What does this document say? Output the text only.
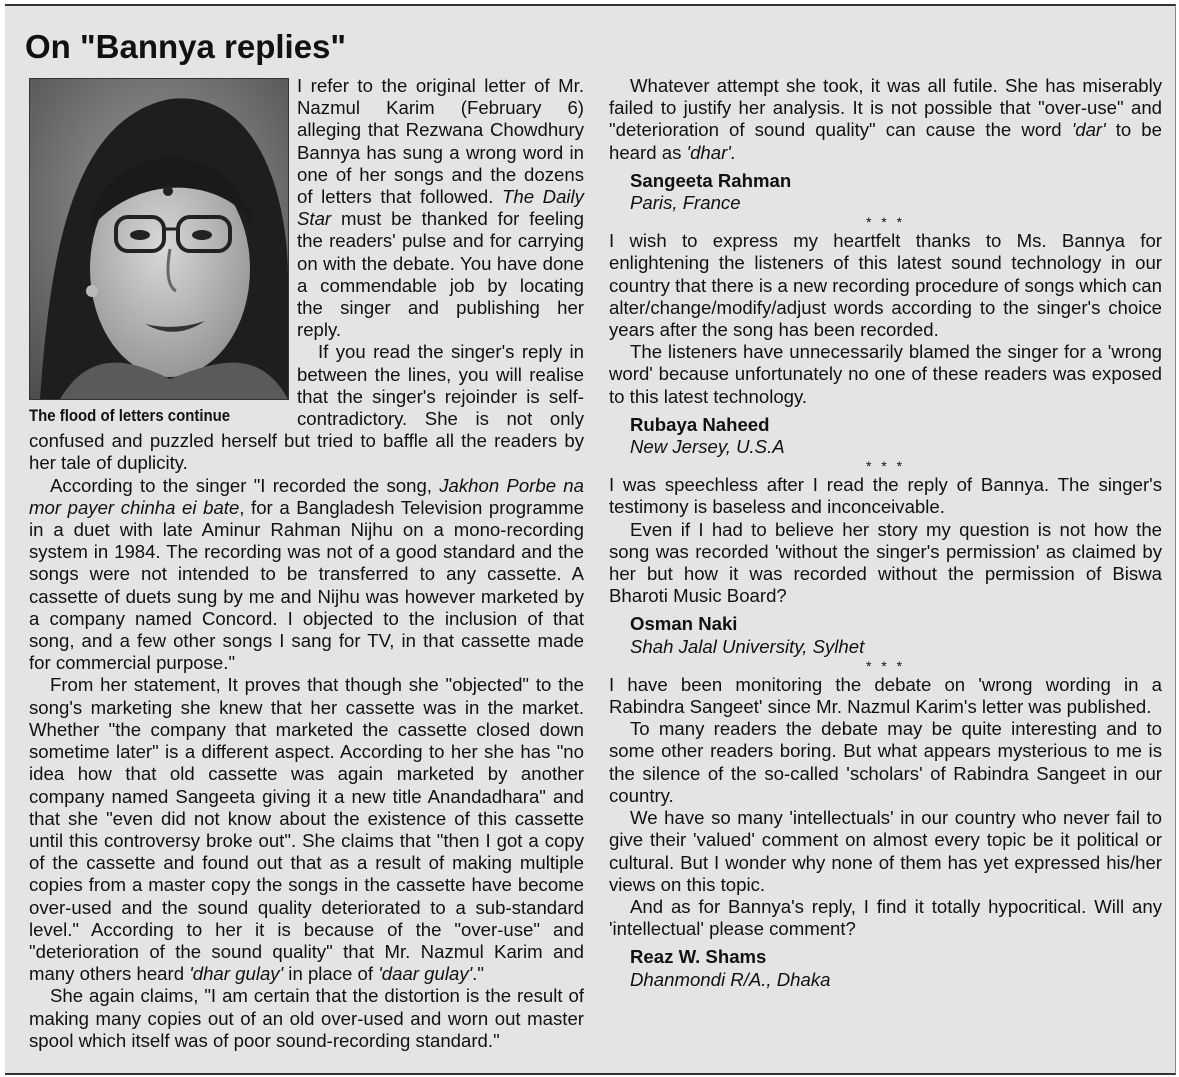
On "Bannya replies"
The flood of letters continue

I refer to the original letter of Mr. Nazmul Karim (February 6) alleging that Rezwana Chowdhury Bannya has sung a wrong word in one of her songs and the dozens of letters that followed. The Daily Star must be thanked for feeling the readers' pulse and for carrying on with the debate. You have done a commendable job by locating the singer and publishing her reply.

If you read the singer's reply in between the lines, you will realise that the singer's rejoinder is self-contradictory. She is not only confused and puzzled herself but tried to baffle all the readers by her tale of duplicity.

According to the singer "I recorded the song, Jakhon Porbe na mor payer chinha ei bate, for a Bangladesh Television programme in a duet with late Aminur Rahman Nijhu on a mono-recording system in 1984. The recording was not of a good standard and the songs were not intended to be transferred to any cassette. A cassette of duets sung by me and Nijhu was however marketed by a company named Concord. I objected to the inclusion of that song, and a few other songs I sang for TV, in that cassette made for commercial purpose."

From her statement, It proves that though she "objected" to the song's marketing she knew that her cassette was in the market. Whether "the company that marketed the cassette closed down sometime later" is a different aspect. According to her she has "no idea how that old cassette was again marketed by another company named Sangeeta giving it a new title Anandadhara" and that she "even did not know about the existence of this cassette until this controversy broke out". She claims that "then I got a copy of the cassette and found out that as a result of making multiple copies from a master copy the songs in the cassette have become over-used and the sound quality deteriorated to a sub-standard level." According to her it is because of the "over-use" and "deterioration of the sound quality" that Mr. Nazmul Karim and many others heard 'dhar gulay' in place of 'daar gulay'."

She again claims, "I am certain that the distortion is the result of making many copies out of an old over-used and worn out master spool which itself was of poor sound-recording standard."

Whatever attempt she took, it was all futile. She has miserably failed to justify her analysis. It is not possible that "over-use" and "deterioration of sound quality" can cause the word 'dar' to be heard as 'dhar'.

Sangeeta Rahman

Paris, France

* * *

I wish to express my heartfelt thanks to Ms. Bannya for enlightening the listeners of this latest sound technology in our country that there is a new recording procedure of songs which can alter/change/modify/adjust words according to the singer's choice years after the song has been recorded.

The listeners have unnecessarily blamed the singer for a 'wrong word' because unfortunately no one of these readers was exposed to this latest technology.

Rubaya Naheed

New Jersey, U.S.A

* * *

I was speechless after I read the reply of Bannya. The singer's testimony is baseless and inconceivable.

Even if I had to believe her story my question is not how the song was recorded 'without the singer's permission' as claimed by her but how it was recorded without the permission of Biswa Bharoti Music Board?

Osman Naki

Shah Jalal University, Sylhet

* * *

I have been monitoring the debate on 'wrong wording in a Rabindra Sangeet' since Mr. Nazmul Karim's letter was published.

To many readers the debate may be quite interesting and to some other readers boring. But what appears mysterious to me is the silence of the so-called 'scholars' of Rabindra Sangeet in our country.

We have so many 'intellectuals' in our country who never fail to give their 'valued' comment on almost every topic be it political or cultural. But I wonder why none of them has yet expressed his/her views on this topic.

And as for Bannya's reply, I find it totally hypocritical. Will any 'intellectual' please comment?

Reaz W. Shams

Dhanmondi R/A., Dhaka
